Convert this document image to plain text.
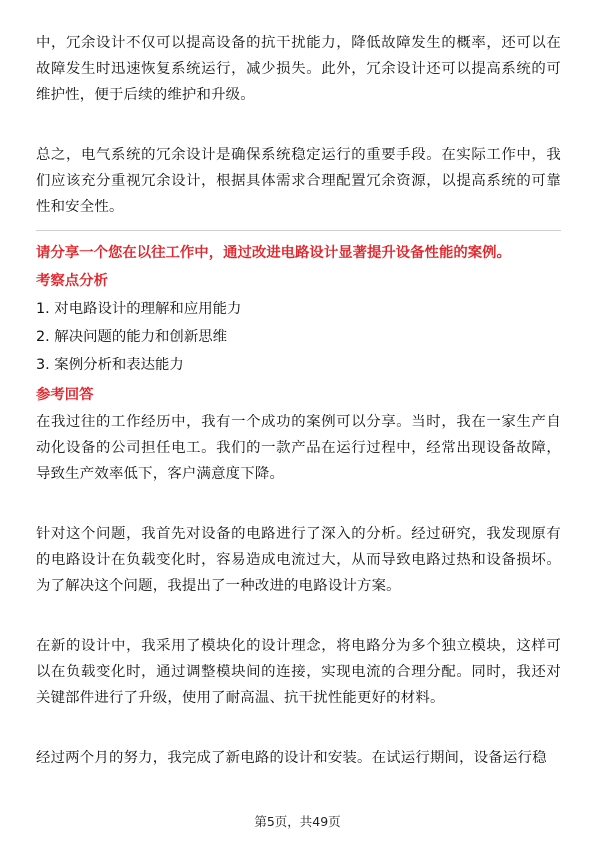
中，冗余设计不仅可以提高设备的抗干扰能力，降低故障发生的概率，还可以在故障发生时迅速恢复系统运行，减少损失。此外，冗余设计还可以提高系统的可维护性，便于后续的维护和升级。

总之，电气系统的冗余设计是确保系统稳定运行的重要手段。在实际工作中，我们应该充分重视冗余设计，根据具体需求合理配置冗余资源，以提高系统的可靠性和安全性。

请分享一个您在以往工作中，通过改进电路设计显著提升设备性能的案例。

考察点分析

1. 对电路设计的理解和应用能力

2. 解决问题的能力和创新思维

3. 案例分析和表达能力

参考回答

在我过往的工作经历中，我有一个成功的案例可以分享。当时，我在一家生产自动化设备的公司担任电工。我们的一款产品在运行过程中，经常出现设备故障，导致生产效率低下，客户满意度下降。

针对这个问题，我首先对设备的电路进行了深入的分析。经过研究，我发现原有的电路设计在负载变化时，容易造成电流过大，从而导致电路过热和设备损坏。为了解决这个问题，我提出了一种改进的电路设计方案。

在新的设计中，我采用了模块化的设计理念，将电路分为多个独立模块，这样可以在负载变化时，通过调整模块间的连接，实现电流的合理分配。同时，我还对关键部件进行了升级，使用了耐高温、抗干扰性能更好的材料。

经过两个月的努力，我完成了新电路的设计和安装。在试运行期间，设备运行稳

第5页，共49页
